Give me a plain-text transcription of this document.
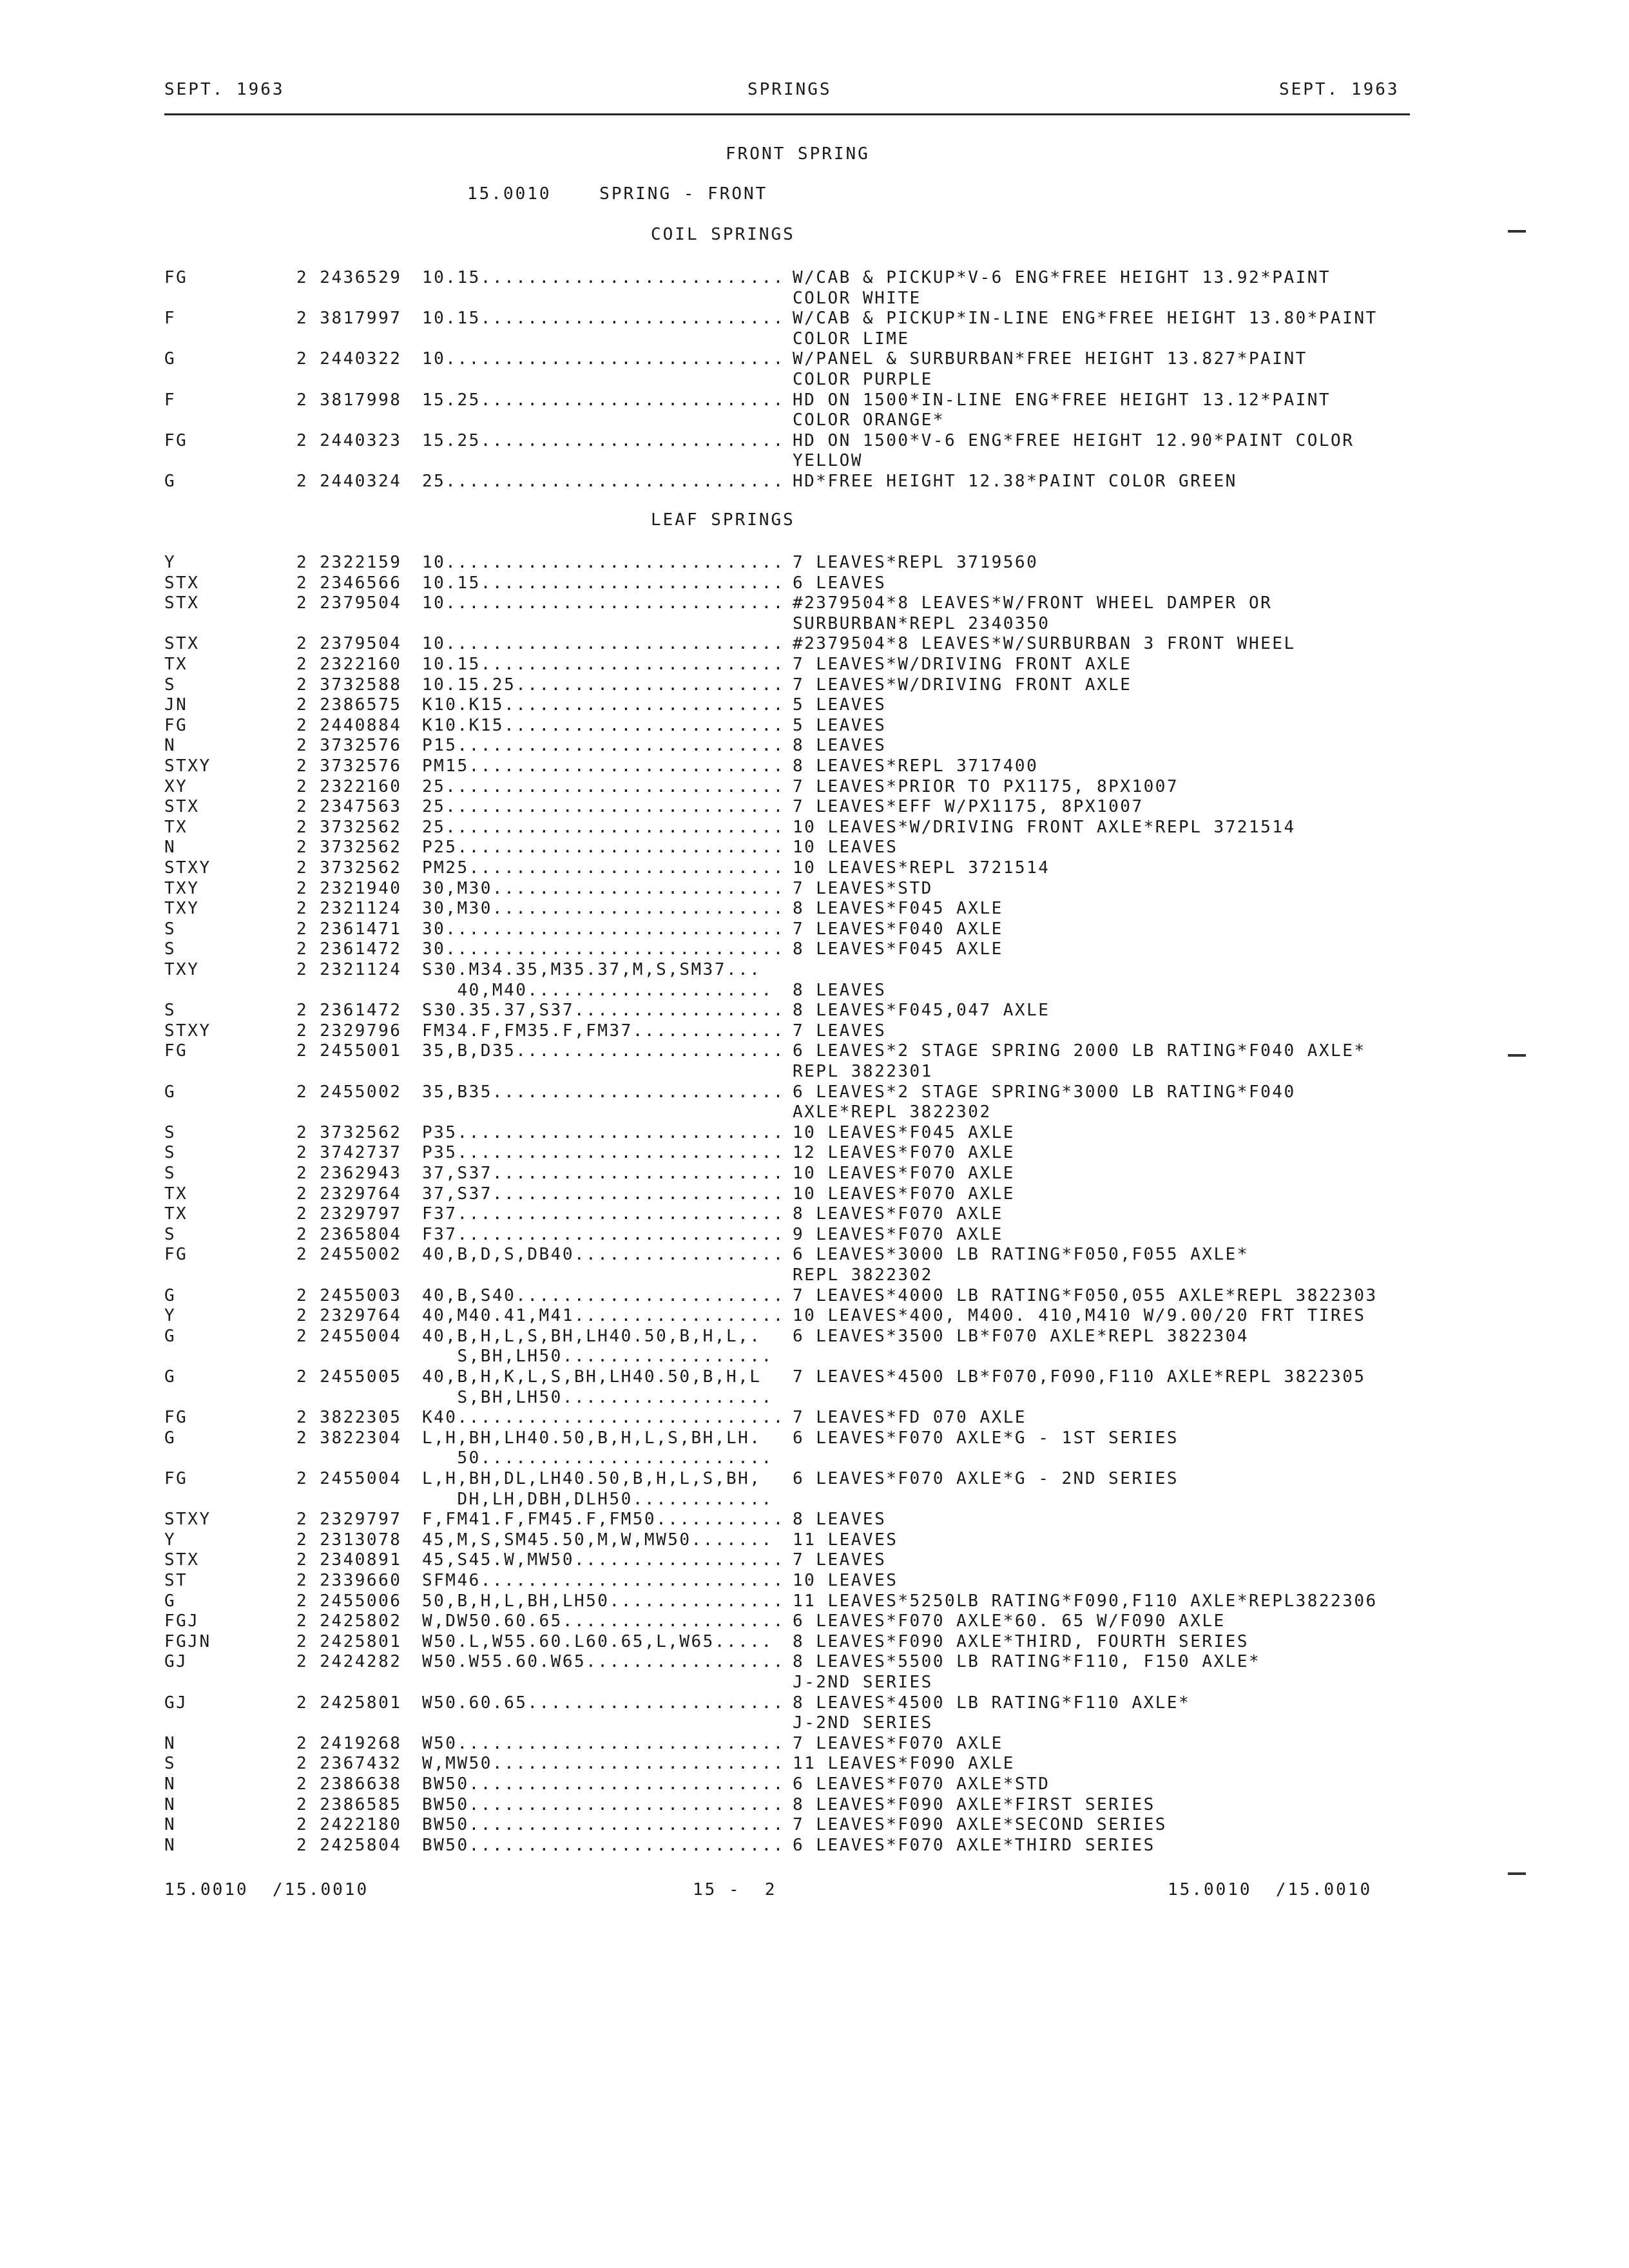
SEPT. 1963	SPRINGS	SEPT. 1963
FRONT SPRING
15.0010    SPRING - FRONT
COIL SPRINGS
FG	2 2436529 10.15.......................... W/CAB & PICKUP*V-6 ENG*FREE HEIGHT 13.92*PAINT
COLOR WHITE
F	2 3817997 10.15.......................... W/CAB & PICKUP*IN-LINE ENG*FREE HEIGHT 13.80*PAINT
COLOR LIME
G	2 2440322 10............................. W/PANEL & SURBURBAN*FREE HEIGHT 13.827*PAINT
COLOR PURPLE
F	2 3817998 15.25.......................... HD ON 1500*IN-LINE ENG*FREE HEIGHT 13.12*PAINT
COLOR ORANGE*
FG	2 2440323 15.25.......................... HD ON 1500*V-6 ENG*FREE HEIGHT 12.90*PAINT COLOR
YELLOW
G	2 2440324 25............................. HD*FREE HEIGHT 12.38*PAINT COLOR GREEN
LEAF SPRINGS
Y	2 2322159 10............................. 7 LEAVES*REPL 3719560
STX	2 2346566 10.15.......................... 6 LEAVES
STX	2 2379504 10............................. #2379504*8 LEAVES*W/FRONT WHEEL DAMPER OR
SURBURBAN*REPL 2340350
STX	2 2379504 10............................. #2379504*8 LEAVES*W/SURBURBAN 3 FRONT WHEEL
TX	2 2322160 10.15.......................... 7 LEAVES*W/DRIVING FRONT AXLE
S	2 3732588 10.15.25....................... 7 LEAVES*W/DRIVING FRONT AXLE
JN	2 2386575 K10.K15........................ 5 LEAVES
FG	2 2440884 K10.K15........................ 5 LEAVES
N	2 3732576 P15............................ 8 LEAVES
STXY	2 3732576 PM15........................... 8 LEAVES*REPL 3717400
XY	2 2322160 25............................. 7 LEAVES*PRIOR TO PX1175, 8PX1007
STX	2 2347563 25............................. 7 LEAVES*EFF W/PX1175, 8PX1007
TX	2 3732562 25............................. 10 LEAVES*W/DRIVING FRONT AXLE*REPL 3721514
N	2 3732562 P25............................ 10 LEAVES
STXY	2 3732562 PM25........................... 10 LEAVES*REPL 3721514
TXY	2 2321940 30,M30......................... 7 LEAVES*STD
TXY	2 2321124 30,M30......................... 8 LEAVES*F045 AXLE
S	2 2361471 30............................. 7 LEAVES*F040 AXLE
S	2 2361472 30............................. 8 LEAVES*F045 AXLE
TXY	2 2321124 S30.M34.35,M35.37,M,S,SM37...
40,M40..................... 8 LEAVES
S	2 2361472 S30.35.37,S37.................. 8 LEAVES*F045,047 AXLE
STXY	2 2329796 FM34.F,FM35.F,FM37............. 7 LEAVES
FG	2 2455001 35,B,D35....................... 6 LEAVES*2 STAGE SPRING 2000 LB RATING*F040 AXLE*
REPL 3822301
G	2 2455002 35,B35......................... 6 LEAVES*2 STAGE SPRING*3000 LB RATING*F040
AXLE*REPL 3822302
S	2 3732562 P35............................ 10 LEAVES*F045 AXLE
S	2 3742737 P35............................ 12 LEAVES*F070 AXLE
S	2 2362943 37,S37......................... 10 LEAVES*F070 AXLE
TX	2 2329764 37,S37......................... 10 LEAVES*F070 AXLE
TX	2 2329797 F37............................ 8 LEAVES*F070 AXLE
S	2 2365804 F37............................ 9 LEAVES*F070 AXLE
FG	2 2455002 40,B,D,S,DB40.................. 6 LEAVES*3000 LB RATING*F050,F055 AXLE*
REPL 3822302
G	2 2455003 40,B,S40....................... 7 LEAVES*4000 LB RATING*F050,055 AXLE*REPL 3822303
Y	2 2329764 40,M40.41,M41.................. 10 LEAVES*400, M400. 410,M410 W/9.00/20 FRT TIRES
G	2 2455004 40,B,H,L,S,BH,LH40.50,B,H,L,. 6 LEAVES*3500 LB*F070 AXLE*REPL 3822304
S,BH,LH50..................
G	2 2455005 40,B,H,K,L,S,BH,LH40.50,B,H,L 7 LEAVES*4500 LB*F070,F090,F110 AXLE*REPL 3822305
S,BH,LH50..................
FG	2 3822305 K40............................ 7 LEAVES*FD 070 AXLE
G	2 3822304 L,H,BH,LH40.50,B,H,L,S,BH,LH. 6 LEAVES*F070 AXLE*G - 1ST SERIES
50.........................
FG	2 2455004 L,H,BH,DL,LH40.50,B,H,L,S,BH, 6 LEAVES*F070 AXLE*G - 2ND SERIES
DH,LH,DBH,DLH50............
STXY	2 2329797 F,FM41.F,FM45.F,FM50........... 8 LEAVES
Y	2 2313078 45,M,S,SM45.50,M,W,MW50....... 11 LEAVES
STX	2 2340891 45,S45.W,MW50.................. 7 LEAVES
ST	2 2339660 SFM46.......................... 10 LEAVES
G	2 2455006 50,B,H,L,BH,LH50............... 11 LEAVES*5250LB RATING*F090,F110 AXLE*REPL3822306
FGJ	2 2425802 W,DW50.60.65................... 6 LEAVES*F070 AXLE*60. 65 W/F090 AXLE
FGJN	2 2425801 W50.L,W55.60.L60.65,L,W65..... 8 LEAVES*F090 AXLE*THIRD, FOURTH SERIES
GJ	2 2424282 W50.W55.60.W65................. 8 LEAVES*5500 LB RATING*F110, F150 AXLE*
J-2ND SERIES
GJ	2 2425801 W50.60.65...................... 8 LEAVES*4500 LB RATING*F110 AXLE*
J-2ND SERIES
N	2 2419268 W50............................ 7 LEAVES*F070 AXLE
S	2 2367432 W,MW50......................... 11 LEAVES*F090 AXLE
N	2 2386638 BW50........................... 6 LEAVES*F070 AXLE*STD
N	2 2386585 BW50........................... 8 LEAVES*F090 AXLE*FIRST SERIES
N	2 2422180 BW50........................... 7 LEAVES*F090 AXLE*SECOND SERIES
N	2 2425804 BW50........................... 6 LEAVES*F070 AXLE*THIRD SERIES
15.0010  /15.0010	15 -  2	15.0010  /15.0010
